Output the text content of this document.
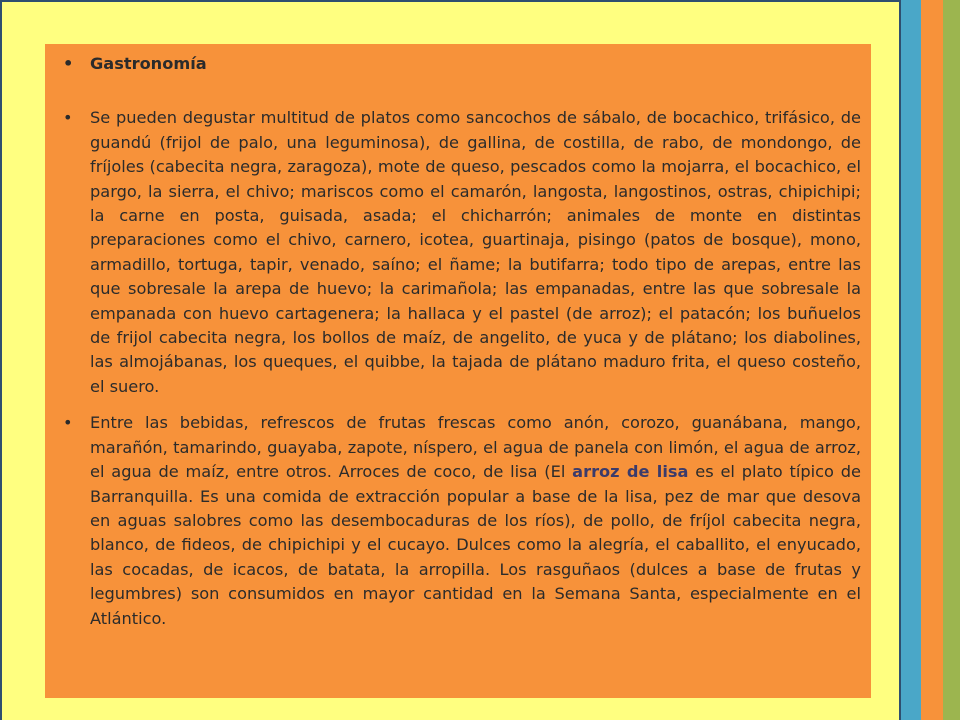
• Gastronomía
• Se pueden degustar multitud de platos como sancochos de sábalo, de bocachico, trifásico, de guandú (frijol de palo, una leguminosa), de gallina, de costilla, de rabo, de mondongo, de fríjoles (cabecita negra, zaragoza), mote de queso, pescados como la mojarra, el bocachico, el pargo, la sierra, el chivo; mariscos como el camarón, langosta, langostinos, ostras, chipichipi; la carne en posta, guisada, asada; el chicharrón; animales de monte en distintas preparaciones como el chivo, carnero, icotea, guartinaja, pisingo (patos de bosque), mono, armadillo, tortuga, tapir, venado, saíno; el ñame; la butifarra; todo tipo de arepas, entre las que sobresale la arepa de huevo; la carimañola; las empanadas, entre las que sobresale la empanada con huevo cartagenera; la hallaca y el pastel (de arroz); el patacón; los buñuelos de frijol cabecita negra, los bollos de maíz, de angelito, de yuca y de plátano; los diabolines, las almojábanas, los queques, el quibbe, la tajada de plátano maduro frita, el queso costeño, el suero.
• Entre las bebidas, refrescos de frutas frescas como anón, corozo, guanábana, mango, marañón, tamarindo, guayaba, zapote, níspero, el agua de panela con limón, el agua de arroz, el agua de maíz, entre otros. Arroces de coco, de lisa (El arroz de lisa es el plato típico de Barranquilla. Es una comida de extracción popular a base de la lisa, pez de mar que desova en aguas salobres como las desembocaduras de los ríos), de pollo, de fríjol cabecita negra, blanco, de fideos, de chipichipi y el cucayo. Dulces como la alegría, el caballito, el enyucado, las cocadas, de icacos, de batata, la arropilla. Los rasguñaos (dulces a base de frutas y legumbres) son consumidos en mayor cantidad en la Semana Santa, especialmente en el Atlántico.
